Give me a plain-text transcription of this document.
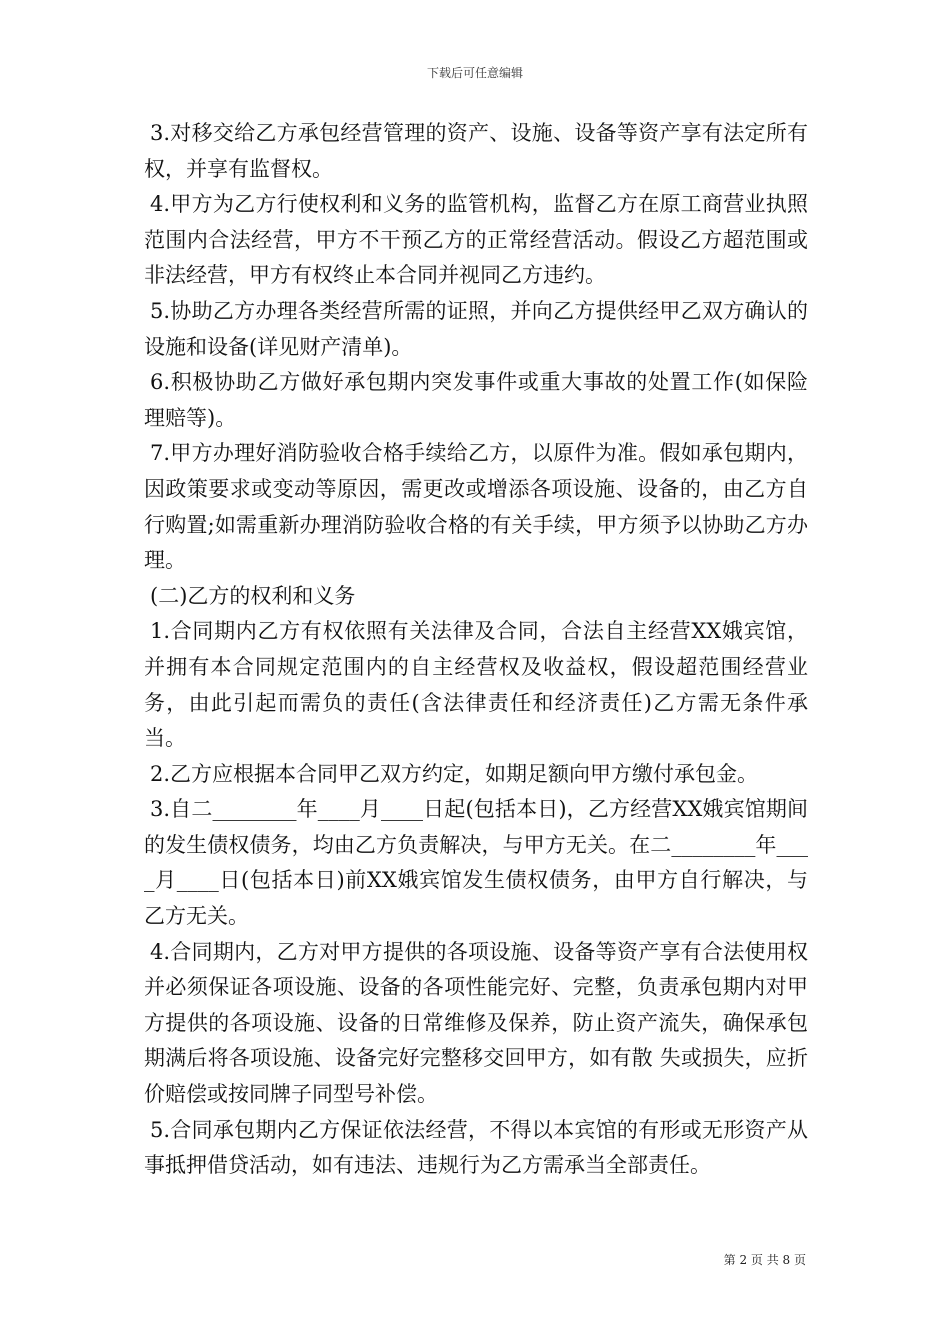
下载后可任意编辑

3.对移交给乙方承包经营管理的资产、设施、设备等资产享有法定所有权，并享有监督权。

4.甲方为乙方行使权利和义务的监管机构，监督乙方在原工商营业执照范围内合法经营，甲方不干预乙方的正常经营活动。假设乙方超范围或非法经营，甲方有权终止本合同并视同乙方违约。

5.协助乙方办理各类经营所需的证照，并向乙方提供经甲乙双方确认的设施和设备(详见财产清单)。

6.积极协助乙方做好承包期内突发事件或重大事故的处置工作(如保险理赔等)。

7.甲方办理好消防验收合格手续给乙方，以原件为准。假如承包期内，因政策要求或变动等原因，需更改或增添各项设施、设备的，由乙方自行购置;如需重新办理消防验收合格的有关手续，甲方须予以协助乙方办理。

(二)乙方的权利和义务

1.合同期内乙方有权依照有关法律及合同，合法自主经营XX娥宾馆，并拥有本合同规定范围内的自主经营权及收益权，假设超范围经营业务，由此引起而需负的责任(含法律责任和经济责任)乙方需无条件承当。

2.乙方应根据本合同甲乙双方约定，如期足额向甲方缴付承包金。

3.自二________年____月____日起(包括本日)，乙方经营XX娥宾馆期间的发生债权债务，均由乙方负责解决，与甲方无关。在二________年____月____日(包括本日)前XX娥宾馆发生债权债务，由甲方自行解决，与乙方无关。

4.合同期内，乙方对甲方提供的各项设施、设备等资产享有合法使用权并必须保证各项设施、设备的各项性能完好、完整，负责承包期内对甲方提供的各项设施、设备的日常维修及保养，防止资产流失，确保承包期满后将各项设施、设备完好完整移交回甲方，如有散 失或损失，应折价赔偿或按同牌子同型号补偿。

5.合同承包期内乙方保证依法经营，不得以本宾馆的有形或无形资产从事抵押借贷活动，如有违法、违规行为乙方需承当全部责任。

第 2 页 共 8 页
